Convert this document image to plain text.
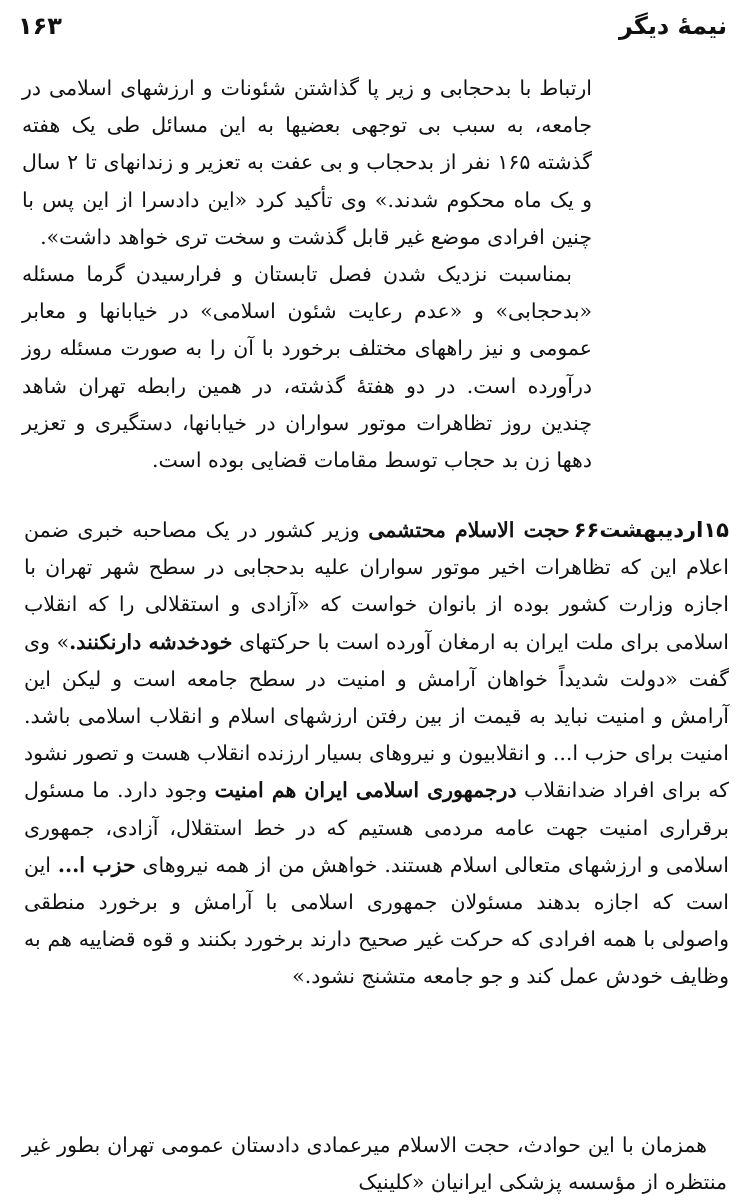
نیمهٔ دیگر
۱۶۳

ارتباط با بدحجابی و زیر پا گذاشتن شئونات و ارزشهای اسلامی در جامعه، به سبب بی توجهی بعضیها به این مسائل طی یک هفته گذشته ۱۶۵ نفر از بدحجاب و بی عفت به تعزیر و زندانهای تا ۲ سال و یک ماه محکوم شدند.» وی تأکید کرد «این دادسرا از این پس با چنین افرادی موضع غیر قابل گذشت و سخت تری خواهد داشت».

بمناسبت نزدیک شدن فصل تابستان و فرارسیدن گرما مسئله «بدحجابی» و «عدم رعایت شئون اسلامی» در خیابانها و معابر عمومی و نیز راههای مختلف برخورد با آن را به صورت مسئله روز درآورده است. در دو هفتهٔ گذشته، در همین رابطه تهران شاهد چندین روز تظاهرات موتور سواران در خیابانها، دستگیری و تعزیر دهها زن بد حجاب توسط مقامات قضایی بوده است.

۱۵اردیبهشت۶۶

حجت الاسلام محتشمی وزیر کشور در یک مصاحبه خبری ضمن اعلام این که تظاهرات اخیر موتور سواران علیه بدحجابی در سطح شهر تهران با اجازه وزارت کشور بوده از بانوان خواست که «آزادی و استقلالی را که انقلاب اسلامی برای ملت ایران به ارمغان آورده است با حرکتهای خودخدشه دارنکنند.» وی گفت «دولت شدیداً خواهان آرامش و امنیت در سطح جامعه است و لیکن این آرامش و امنیت نباید به قیمت از بین رفتن ارزشهای اسلام و انقلاب اسلامی باشد. امنیت برای حزب ا... و انقلابیون و نیروهای بسیار ارزنده انقلاب هست و تصور نشود که برای افراد ضدانقلاب درجمهوری اسلامی ایران هم امنیت وجود دارد. ما مسئول برقراری امنیت جهت عامه مردمی هستیم که در خط استقلال، آزادی، جمهوری اسلامی و ارزشهای متعالی اسلام هستند. خواهش من از همه نیروهای حزب ا... این است که اجازه بدهند مسئولان جمهوری اسلامی با آرامش و برخورد منطقی واصولی با همه افرادی که حرکت غیر صحیح دارند برخورد بکنند و قوه قضاییه هم به وظایف خودش عمل کند و جو جامعه متشنج نشود.»

همزمان با این حوادث، حجت الاسلام میرعمادی دادستان عمومی تهران بطور غیر منتظره از مؤسسه پزشکی ایرانیان «کلینیک
